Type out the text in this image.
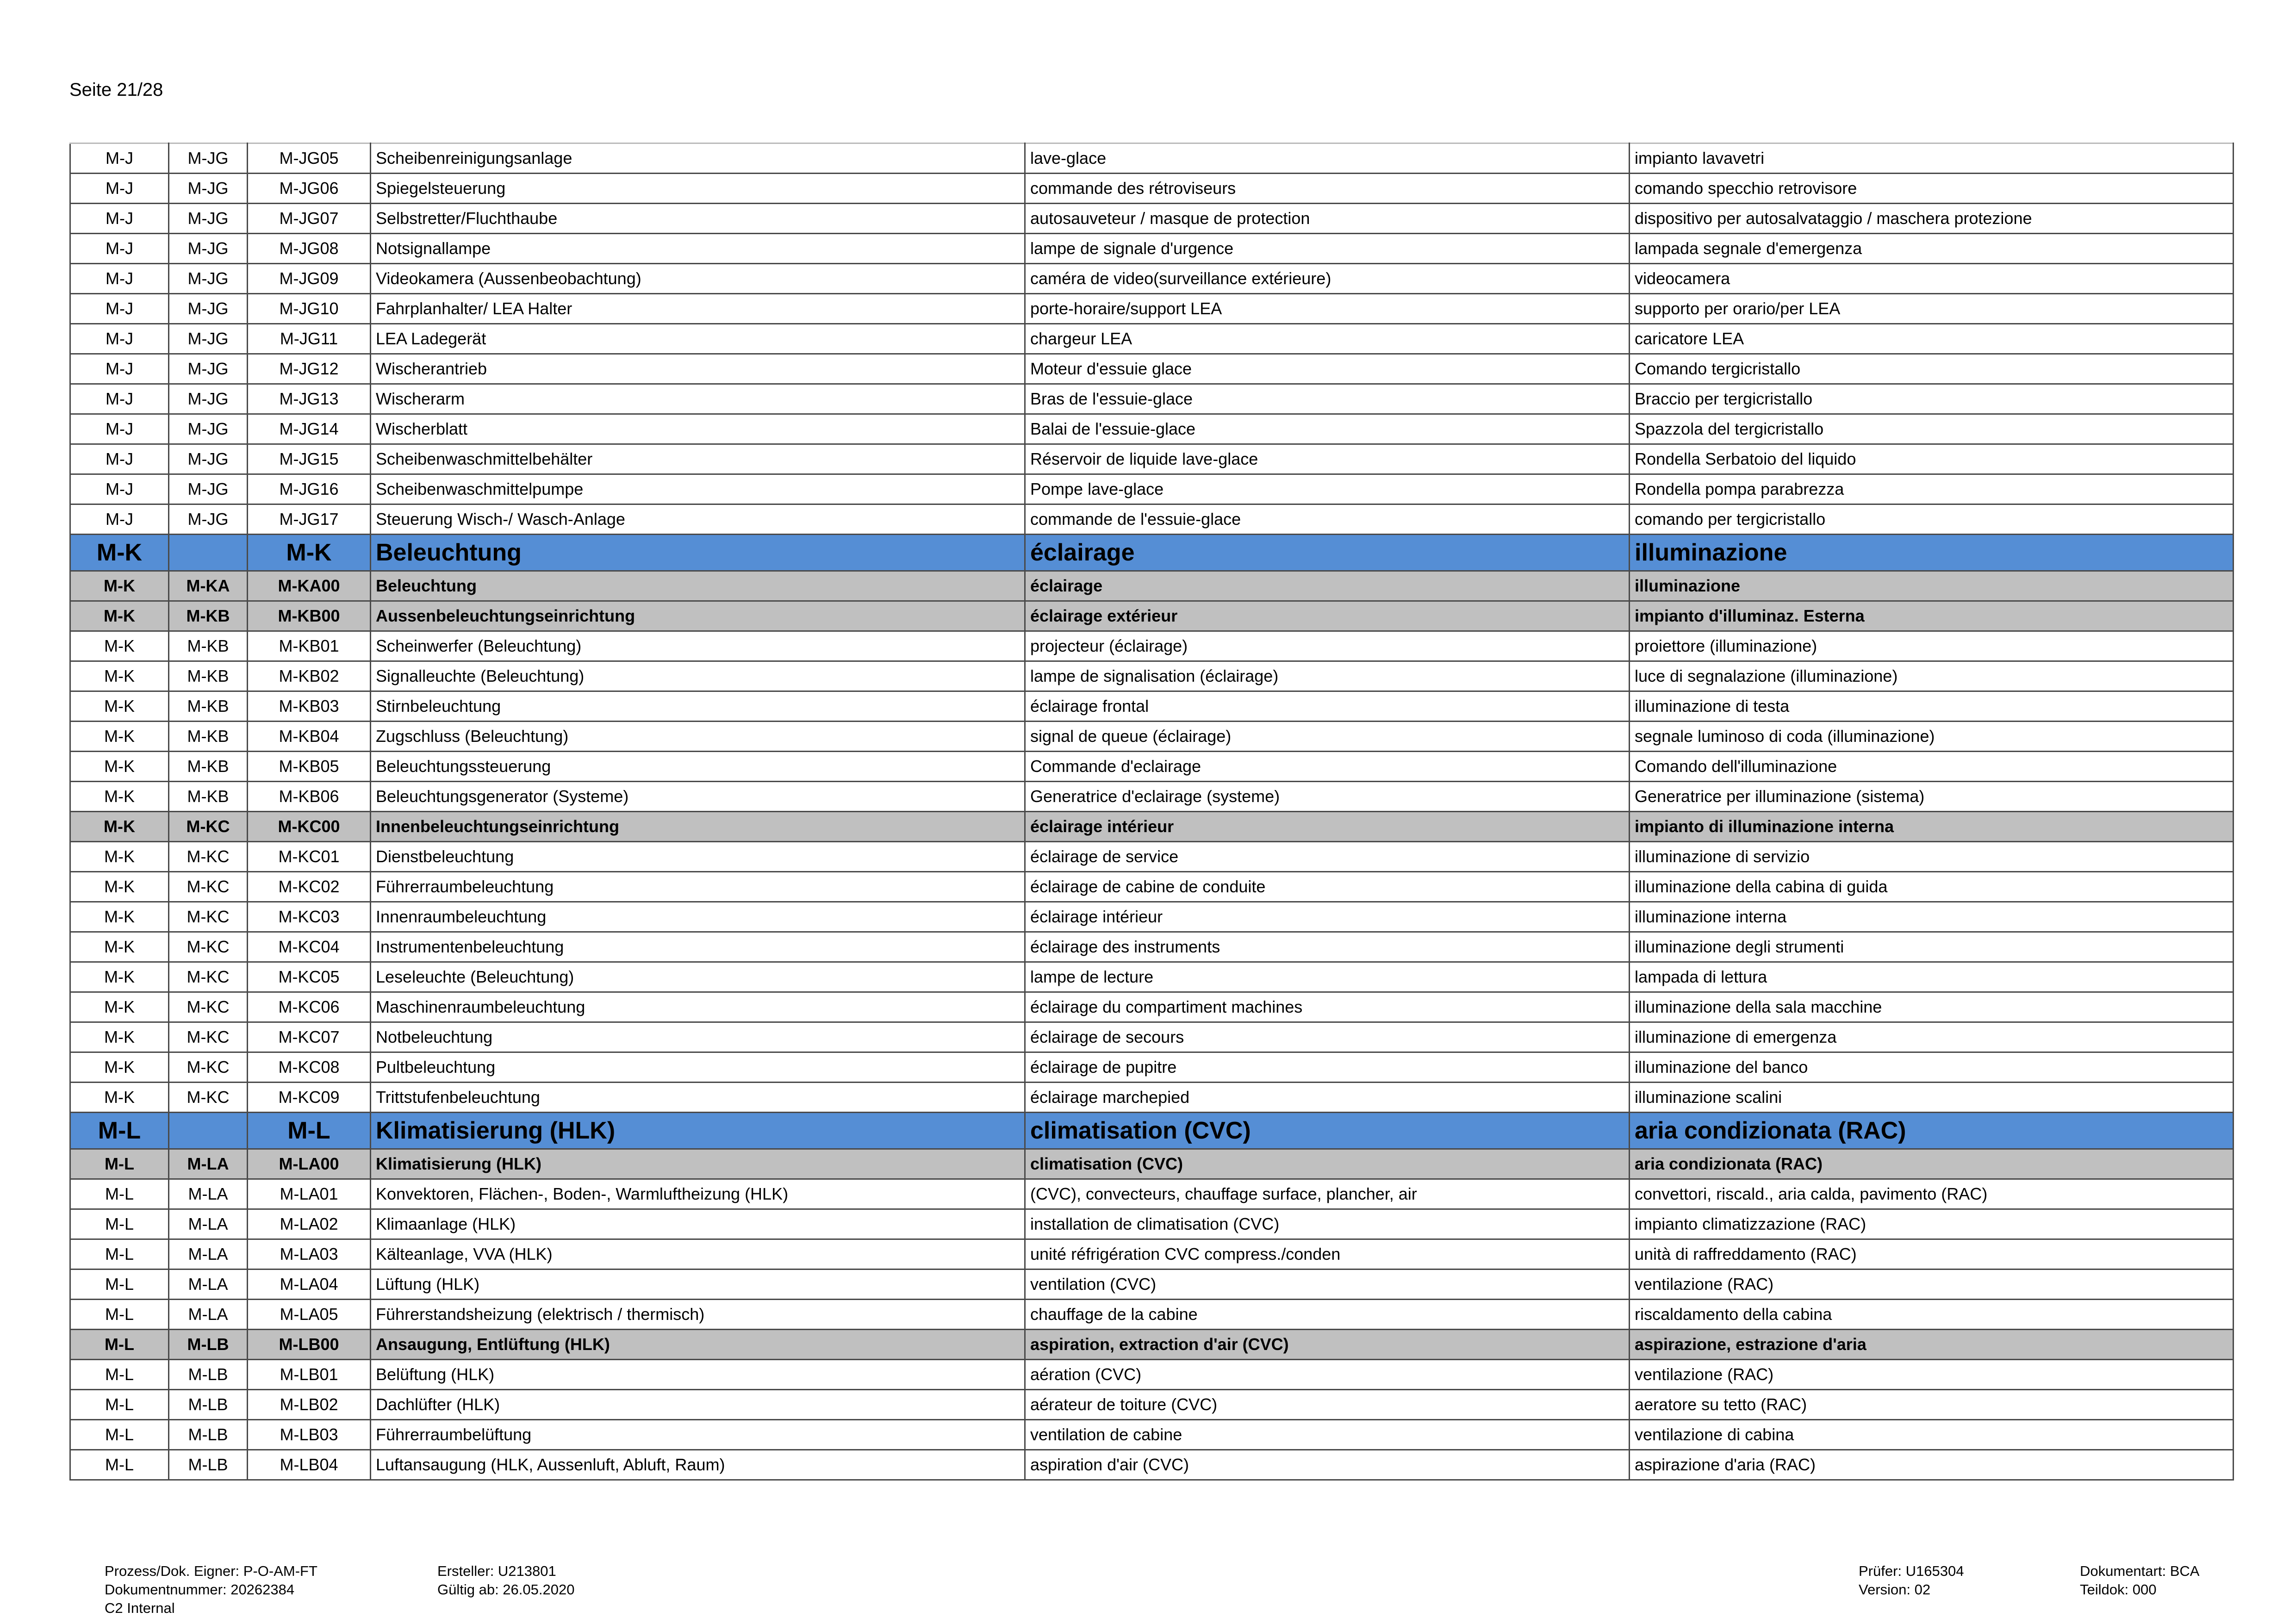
Seite 21/28
M-J	M-JG	M-JG05	Scheibenreinigungsanlage	lave-glace	impianto lavavetri
M-J	M-JG	M-JG06	Spiegelsteuerung	commande des rétroviseurs	comando specchio retrovisore
M-J	M-JG	M-JG07	Selbstretter/Fluchthaube	autosauveteur / masque de protection	dispositivo per autosalvataggio / maschera protezione
M-J	M-JG	M-JG08	Notsignallampe	lampe de signale d'urgence	lampada segnale d'emergenza
M-J	M-JG	M-JG09	Videokamera (Aussenbeobachtung)	caméra de video(surveillance extérieure)	videocamera
M-J	M-JG	M-JG10	Fahrplanhalter/ LEA Halter	porte-horaire/support LEA	supporto per orario/per LEA
M-J	M-JG	M-JG11	LEA Ladegerät	chargeur LEA	caricatore LEA
M-J	M-JG	M-JG12	Wischerantrieb	Moteur d'essuie glace	Comando tergicristallo
M-J	M-JG	M-JG13	Wischerarm	Bras de l'essuie-glace	Braccio per tergicristallo
M-J	M-JG	M-JG14	Wischerblatt	Balai de l'essuie-glace	Spazzola del tergicristallo
M-J	M-JG	M-JG15	Scheibenwaschmittelbehälter	Réservoir de liquide lave-glace	Rondella Serbatoio del liquido
M-J	M-JG	M-JG16	Scheibenwaschmittelpumpe	Pompe lave-glace	Rondella pompa parabrezza
M-J	M-JG	M-JG17	Steuerung Wisch-/ Wasch-Anlage	commande de l'essuie-glace	comando per tergicristallo
M-K		M-K	Beleuchtung	éclairage	illuminazione
M-K	M-KA	M-KA00	Beleuchtung	éclairage	illuminazione
M-K	M-KB	M-KB00	Aussenbeleuchtungseinrichtung	éclairage extérieur	impianto d'illuminaz. Esterna
M-K	M-KB	M-KB01	Scheinwerfer (Beleuchtung)	projecteur (éclairage)	proiettore (illuminazione)
M-K	M-KB	M-KB02	Signalleuchte (Beleuchtung)	lampe de signalisation (éclairage)	luce di segnalazione (illuminazione)
M-K	M-KB	M-KB03	Stirnbeleuchtung	éclairage frontal	illuminazione di testa
M-K	M-KB	M-KB04	Zugschluss (Beleuchtung)	signal de queue (éclairage)	segnale luminoso di coda (illuminazione)
M-K	M-KB	M-KB05	Beleuchtungssteuerung	Commande d'eclairage	Comando dell'illuminazione
M-K	M-KB	M-KB06	Beleuchtungsgenerator (Systeme)	Generatrice d'eclairage (systeme)	Generatrice per illuminazione (sistema)
M-K	M-KC	M-KC00	Innenbeleuchtungseinrichtung	éclairage intérieur	impianto di illuminazione interna
M-K	M-KC	M-KC01	Dienstbeleuchtung	éclairage de service	illuminazione di servizio
M-K	M-KC	M-KC02	Führerraumbeleuchtung	éclairage de cabine de conduite	illuminazione della cabina di guida
M-K	M-KC	M-KC03	Innenraumbeleuchtung	éclairage intérieur	illuminazione interna
M-K	M-KC	M-KC04	Instrumentenbeleuchtung	éclairage des instruments	illuminazione degli strumenti
M-K	M-KC	M-KC05	Leseleuchte (Beleuchtung)	lampe de lecture	lampada di lettura
M-K	M-KC	M-KC06	Maschinenraumbeleuchtung	éclairage du compartiment machines	illuminazione della sala macchine
M-K	M-KC	M-KC07	Notbeleuchtung	éclairage de secours	illuminazione di emergenza
M-K	M-KC	M-KC08	Pultbeleuchtung	éclairage de pupitre	illuminazione del banco
M-K	M-KC	M-KC09	Trittstufenbeleuchtung	éclairage marchepied	illuminazione scalini
M-L		M-L	Klimatisierung (HLK)	climatisation (CVC)	aria condizionata (RAC)
M-L	M-LA	M-LA00	Klimatisierung (HLK)	climatisation (CVC)	aria condizionata (RAC)
M-L	M-LA	M-LA01	Konvektoren, Flächen-, Boden-, Warmluftheizung (HLK)	(CVC), convecteurs, chauffage surface, plancher, air	convettori, riscald., aria calda, pavimento (RAC)
M-L	M-LA	M-LA02	Klimaanlage (HLK)	installation de climatisation (CVC)	impianto climatizzazione (RAC)
M-L	M-LA	M-LA03	Kälteanlage, VVA (HLK)	unité réfrigération CVC compress./conden	unità di raffreddamento (RAC)
M-L	M-LA	M-LA04	Lüftung (HLK)	ventilation (CVC)	ventilazione (RAC)
M-L	M-LA	M-LA05	Führerstandsheizung (elektrisch / thermisch)	chauffage de la cabine	riscaldamento della cabina
M-L	M-LB	M-LB00	Ansaugung, Entlüftung (HLK)	aspiration, extraction d'air (CVC)	aspirazione, estrazione d'aria
M-L	M-LB	M-LB01	Belüftung (HLK)	aération (CVC)	ventilazione (RAC)
M-L	M-LB	M-LB02	Dachlüfter (HLK)	aérateur de toiture (CVC)	aeratore su tetto (RAC)
M-L	M-LB	M-LB03	Führerraumbelüftung	ventilation de cabine	ventilazione di cabina
M-L	M-LB	M-LB04	Luftansaugung (HLK, Aussenluft, Abluft, Raum)	aspiration d'air (CVC)	aspirazione d'aria (RAC)
Prozess/Dok. Eigner: P-O-AM-FT
Dokumentnummer: 20262384
C2 Internal
Ersteller: U213801
Gültig ab: 26.05.2020
Prüfer: U165304
Version: 02
Dokumentart: BCA
Teildok: 000
